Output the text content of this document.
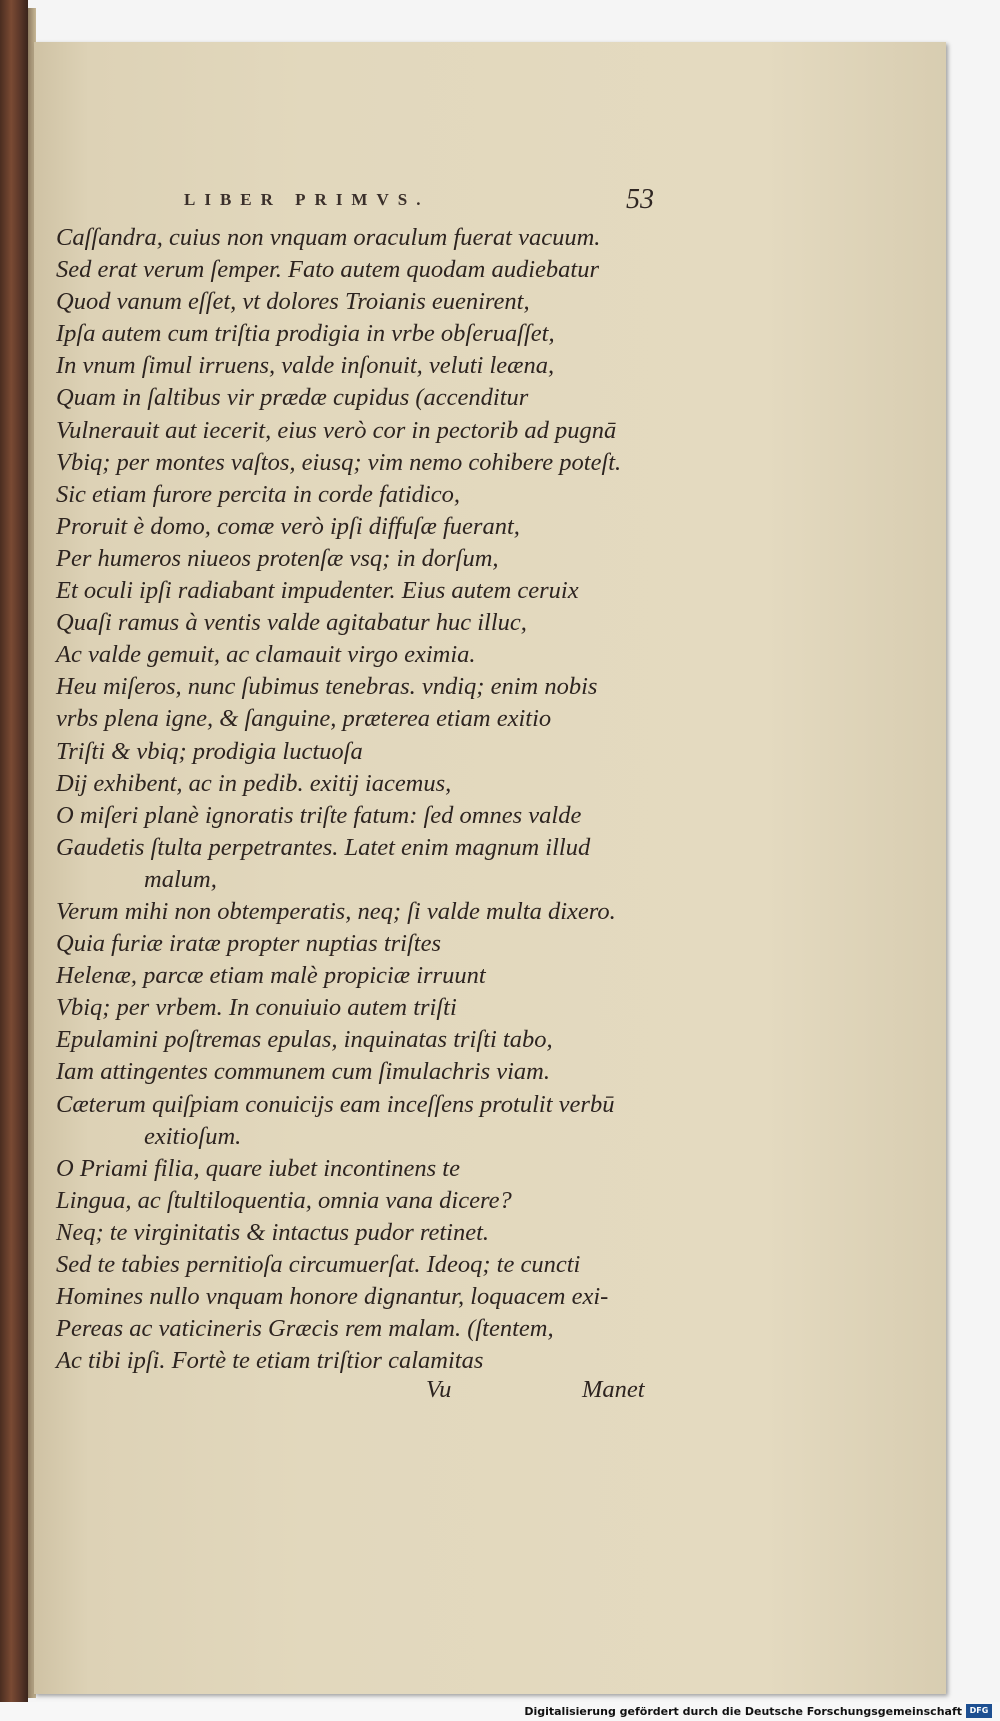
LIBER PRIMVS.	53
Caſſandra, cuius non vnquam oraculum fuerat vacuum.
Sed erat verum ſemper. Fato autem quodam audiebatur
Quod vanum eſſet, vt dolores Troianis euenirent,
Ipſa autem cum triſtia prodigia in vrbe obſeruaſſet,
In vnum ſimul irruens, valde inſonuit, veluti leæna,
Quam in ſaltibus vir prædæ cupidus (accenditur
Vulnerauit aut iecerit, eius verò cor in pectorib ad pugnā
Vbiq; per montes vaſtos, eiusq; vim nemo cohibere poteſt.
Sic etiam furore percita in corde fatidico,
Proruit è domo, comæ verò ipſi diffuſæ fuerant,
Per humeros niueos protenſæ vsq; in dorſum,
Et oculi ipſi radiabant impudenter. Eius autem ceruix
Quaſi ramus à ventis valde agitabatur huc illuc,
Ac valde gemuit, ac clamauit virgo eximia.
Heu miſeros, nunc ſubimus tenebras. vndiq; enim nobis
vrbs plena igne, & ſanguine, præterea etiam exitio
Triſti & vbiq; prodigia luctuoſa
Dij exhibent, ac in pedib. exitij iacemus,
O miſeri planè ignoratis triſte fatum: ſed omnes valde
Gaudetis ſtulta perpetrantes. Latet enim magnum illud
malum,
Verum mihi non obtemperatis, neq; ſi valde multa dixero.
Quia furiæ iratæ propter nuptias triſtes
Helenæ, parcæ etiam malè propiciæ irruunt
Vbiq; per vrbem. In conuiuio autem triſti
Epulamini poſtremas epulas, inquinatas triſti tabo,
Iam attingentes communem cum ſimulachris viam.
Cæterum quiſpiam conuicijs eam inceſſens protulit verbū
exitioſum.
O Priami filia, quare iubet incontinens te
Lingua, ac ſtultiloquentia, omnia vana dicere?
Neq; te virginitatis & intactus pudor retinet.
Sed te tabies pernitioſa circumuerſat. Ideoq; te cuncti
Homines nullo vnquam honore dignantur, loquacem exi-
Pereas ac vaticineris Græcis rem malam. (ſtentem,
Ac tibi ipſi. Fortè te etiam triſtior calamitas
Vu	Manet
Digitalisierung gefördert durch die Deutsche Forschungsgemeinschaft DFG
